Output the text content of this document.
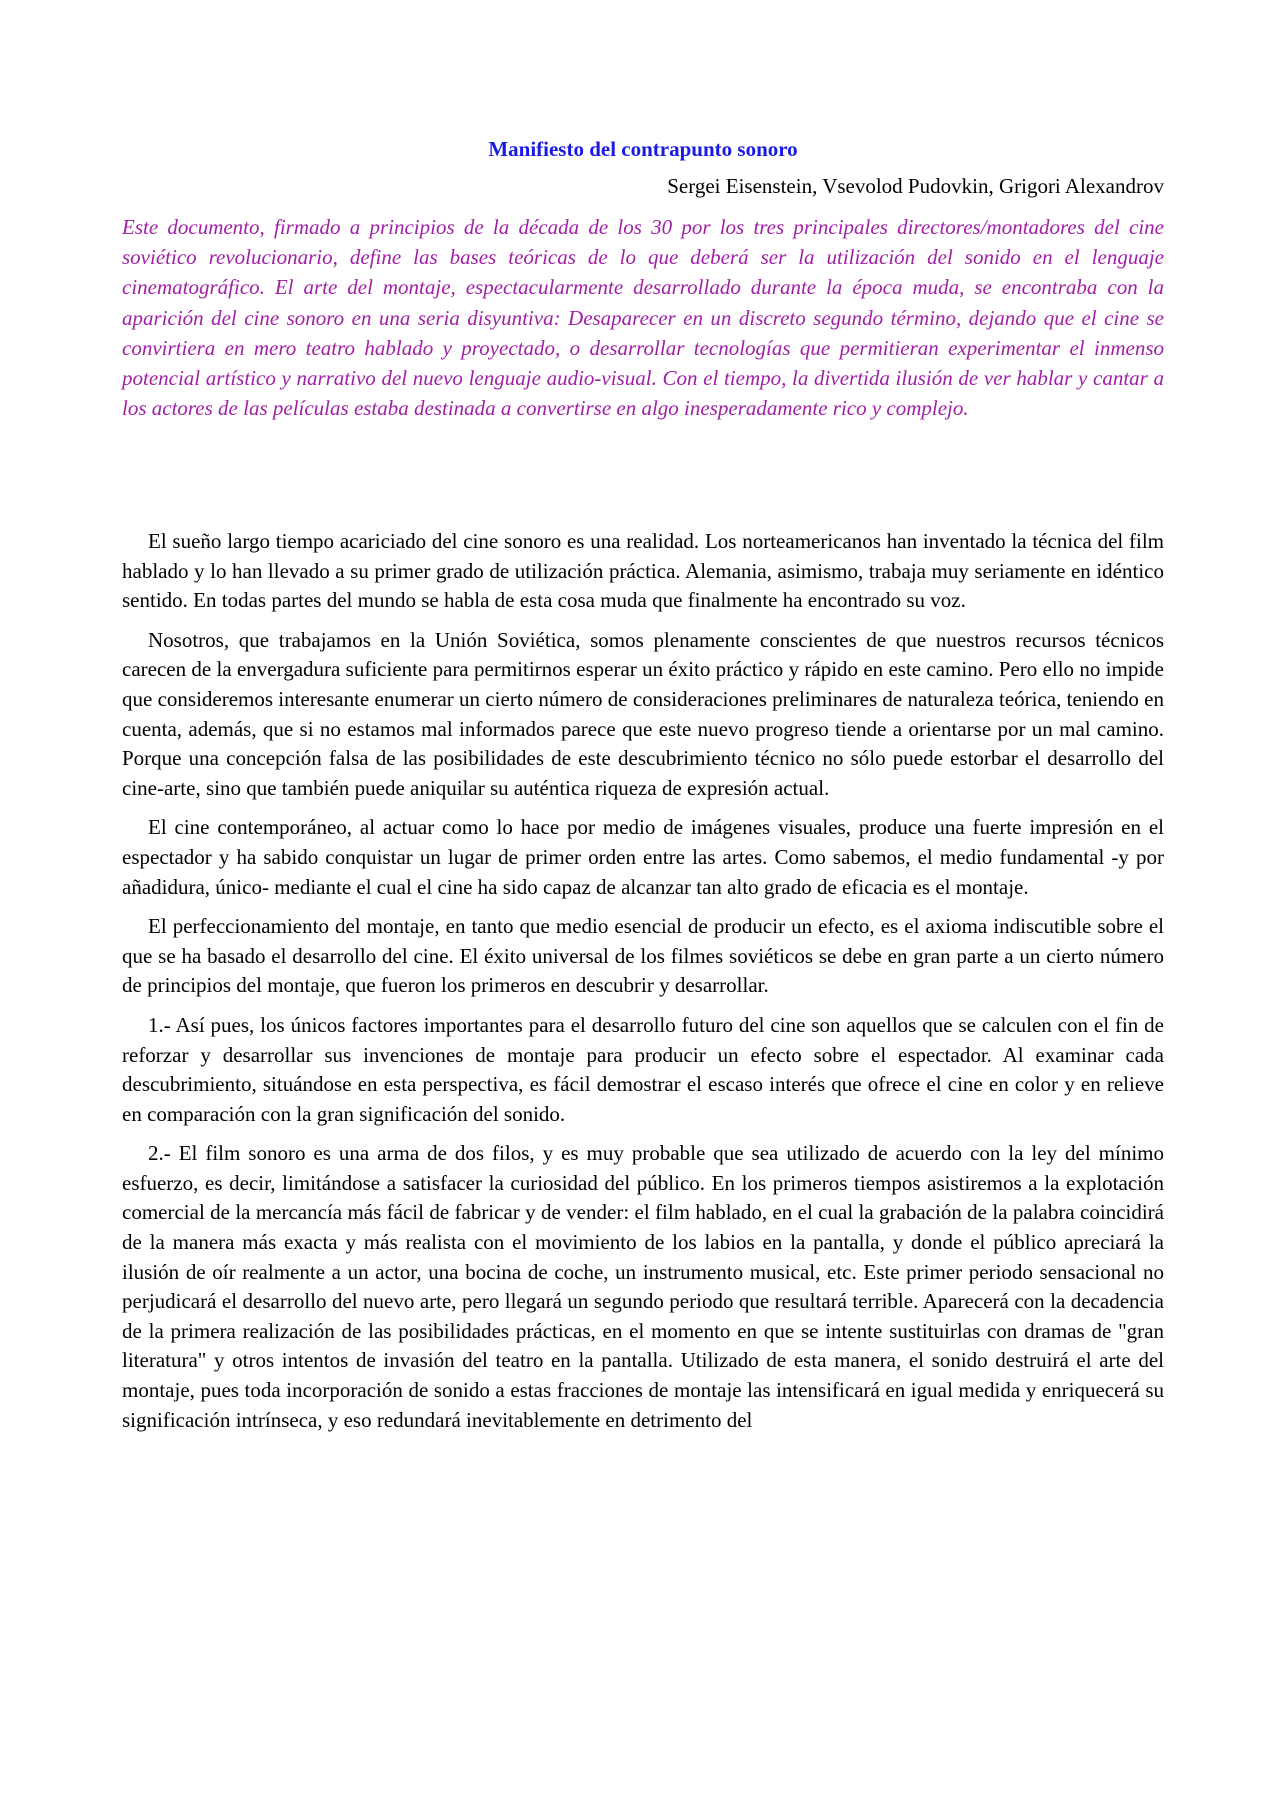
Manifiesto del contrapunto sonoro

Sergei Eisenstein, Vsevolod Pudovkin, Grigori Alexandrov

Este documento, firmado a principios de la década de los 30 por los tres principales directores/montadores del cine soviético revolucionario, define las bases teóricas de lo que deberá ser la utilización del sonido en el lenguaje cinematográfico. El arte del montaje, espectacularmente desarrollado durante la época muda, se encontraba con la aparición del cine sonoro en una seria disyuntiva: Desaparecer en un discreto segundo término, dejando que el cine se convirtiera en mero teatro hablado y proyectado, o desarrollar tecnologías que permitieran experimentar el inmenso potencial artístico y narrativo del nuevo lenguaje audio-visual. Con el tiempo, la divertida ilusión de ver hablar y cantar a los actores de las películas estaba destinada a convertirse en algo inesperadamente rico y complejo.

El sueño largo tiempo acariciado del cine sonoro es una realidad. Los norteamericanos han inventado la técnica del film hablado y lo han llevado a su primer grado de utilización práctica. Alemania, asimismo, trabaja muy seriamente en idéntico sentido. En todas partes del mundo se habla de esta cosa muda que finalmente ha encontrado su voz.

Nosotros, que trabajamos en la Unión Soviética, somos plenamente conscientes de que nuestros recursos técnicos carecen de la envergadura suficiente para permitirnos esperar un éxito práctico y rápido en este camino. Pero ello no impide que consideremos interesante enumerar un cierto número de consideraciones preliminares de naturaleza teórica, teniendo en cuenta, además, que si no estamos mal informados parece que este nuevo progreso tiende a orientarse por un mal camino. Porque una concepción falsa de las posibilidades de este descubrimiento técnico no sólo puede estorbar el desarrollo del cine-arte, sino que también puede aniquilar su auténtica riqueza de expresión actual.

El cine contemporáneo, al actuar como lo hace por medio de imágenes visuales, produce una fuerte impresión en el espectador y ha sabido conquistar un lugar de primer orden entre las artes. Como sabemos, el medio fundamental -y por añadidura, único- mediante el cual el cine ha sido capaz de alcanzar tan alto grado de eficacia es el montaje.

El perfeccionamiento del montaje, en tanto que medio esencial de producir un efecto, es el axioma indiscutible sobre el que se ha basado el desarrollo del cine. El éxito universal de los filmes soviéticos se debe en gran parte a un cierto número de principios del montaje, que fueron los primeros en descubrir y desarrollar.

1.- Así pues, los únicos factores importantes para el desarrollo futuro del cine son aquellos que se calculen con el fin de reforzar y desarrollar sus invenciones de montaje para producir un efecto sobre el espectador. Al examinar cada descubrimiento, situándose en esta perspectiva, es fácil demostrar el escaso interés que ofrece el cine en color y en relieve en comparación con la gran significación del sonido.

2.- El film sonoro es una arma de dos filos, y es muy probable que sea utilizado de acuerdo con la ley del mínimo esfuerzo, es decir, limitándose a satisfacer la curiosidad del público. En los primeros tiempos asistiremos a la explotación comercial de la mercancía más fácil de fabricar y de vender: el film hablado, en el cual la grabación de la palabra coincidirá de la manera más exacta y más realista con el movimiento de los labios en la pantalla, y donde el público apreciará la ilusión de oír realmente a un actor, una bocina de coche, un instrumento musical, etc. Este primer periodo sensacional no perjudicará el desarrollo del nuevo arte, pero llegará un segundo periodo que resultará terrible. Aparecerá con la decadencia de la primera realización de las posibilidades prácticas, en el momento en que se intente sustituirlas con dramas de "gran literatura" y otros intentos de invasión del teatro en la pantalla. Utilizado de esta manera, el sonido destruirá el arte del montaje, pues toda incorporación de sonido a estas fracciones de montaje las intensificará en igual medida y enriquecerá su significación intrínseca, y eso redundará inevitablemente en detrimento del
